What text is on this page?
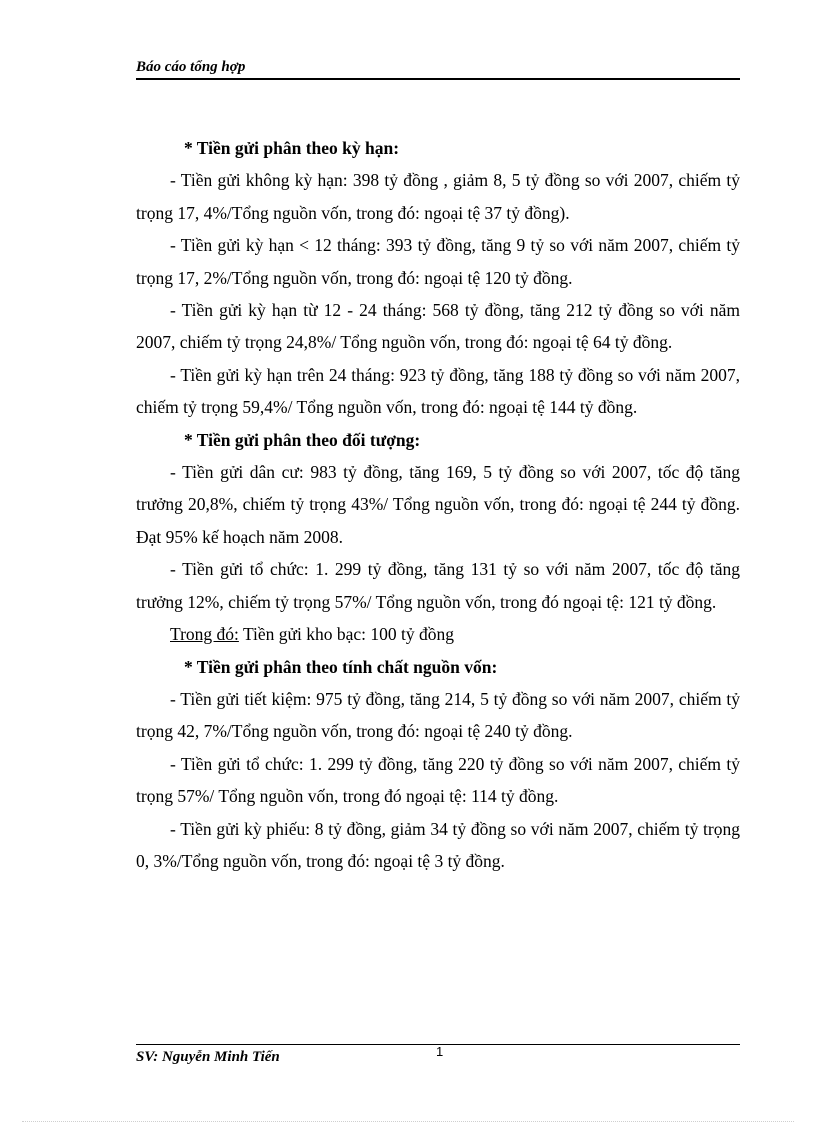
Báo cáo tổng hợp

* Tiền gửi phân theo kỳ hạn:

- Tiền gửi không kỳ hạn: 398 tỷ đồng , giảm 8, 5 tỷ đồng so với 2007, chiếm tỷ trọng 17, 4%/Tổng nguồn vốn, trong đó: ngoại tệ 37 tỷ đồng).

- Tiền gửi kỳ hạn < 12 tháng: 393 tỷ đồng, tăng 9 tỷ so với năm 2007, chiếm tỷ trọng 17, 2%/Tổng nguồn vốn, trong đó: ngoại tệ 120 tỷ đồng.

- Tiền gửi kỳ hạn từ 12 - 24 tháng: 568 tỷ đồng, tăng 212 tỷ đồng so với năm 2007, chiếm tỷ trọng 24,8%/ Tổng nguồn vốn, trong đó: ngoại tệ 64 tỷ đồng.

- Tiền gửi kỳ hạn trên 24 tháng: 923 tỷ đồng, tăng 188 tỷ đồng so với năm 2007, chiếm tỷ trọng 59,4%/ Tổng nguồn vốn, trong đó: ngoại tệ 144 tỷ đồng.

* Tiền gửi phân theo đối tượng:

- Tiền gửi dân cư: 983 tỷ đồng, tăng 169, 5 tỷ đồng so với 2007, tốc độ tăng trưởng 20,8%, chiếm tỷ trọng 43%/ Tổng nguồn vốn, trong đó: ngoại tệ 244 tỷ đồng. Đạt 95% kế hoạch năm 2008.

- Tiền gửi tổ chức: 1. 299 tỷ đồng, tăng 131 tỷ so với năm 2007, tốc độ tăng trưởng 12%, chiếm tỷ trọng 57%/ Tổng nguồn vốn, trong đó ngoại tệ: 121 tỷ đồng.

Trong đó: Tiền gửi kho bạc: 100 tỷ đồng

* Tiền gửi phân theo tính chất nguồn vốn:

- Tiền gửi tiết kiệm: 975 tỷ đồng, tăng 214, 5 tỷ đồng so với năm 2007, chiếm tỷ trọng 42, 7%/Tổng nguồn vốn, trong đó: ngoại tệ 240 tỷ đồng.

- Tiền gửi tổ chức: 1. 299 tỷ đồng, tăng 220 tỷ đồng so với năm 2007, chiếm tỷ trọng 57%/ Tổng nguồn vốn, trong đó ngoại tệ: 114 tỷ đồng.

- Tiền gửi kỳ phiếu: 8 tỷ đồng, giảm 34 tỷ đồng so với năm 2007, chiếm tỷ trọng 0, 3%/Tổng nguồn vốn, trong đó: ngoại tệ 3 tỷ đồng.

SV: Nguyễn Minh Tiến	1
